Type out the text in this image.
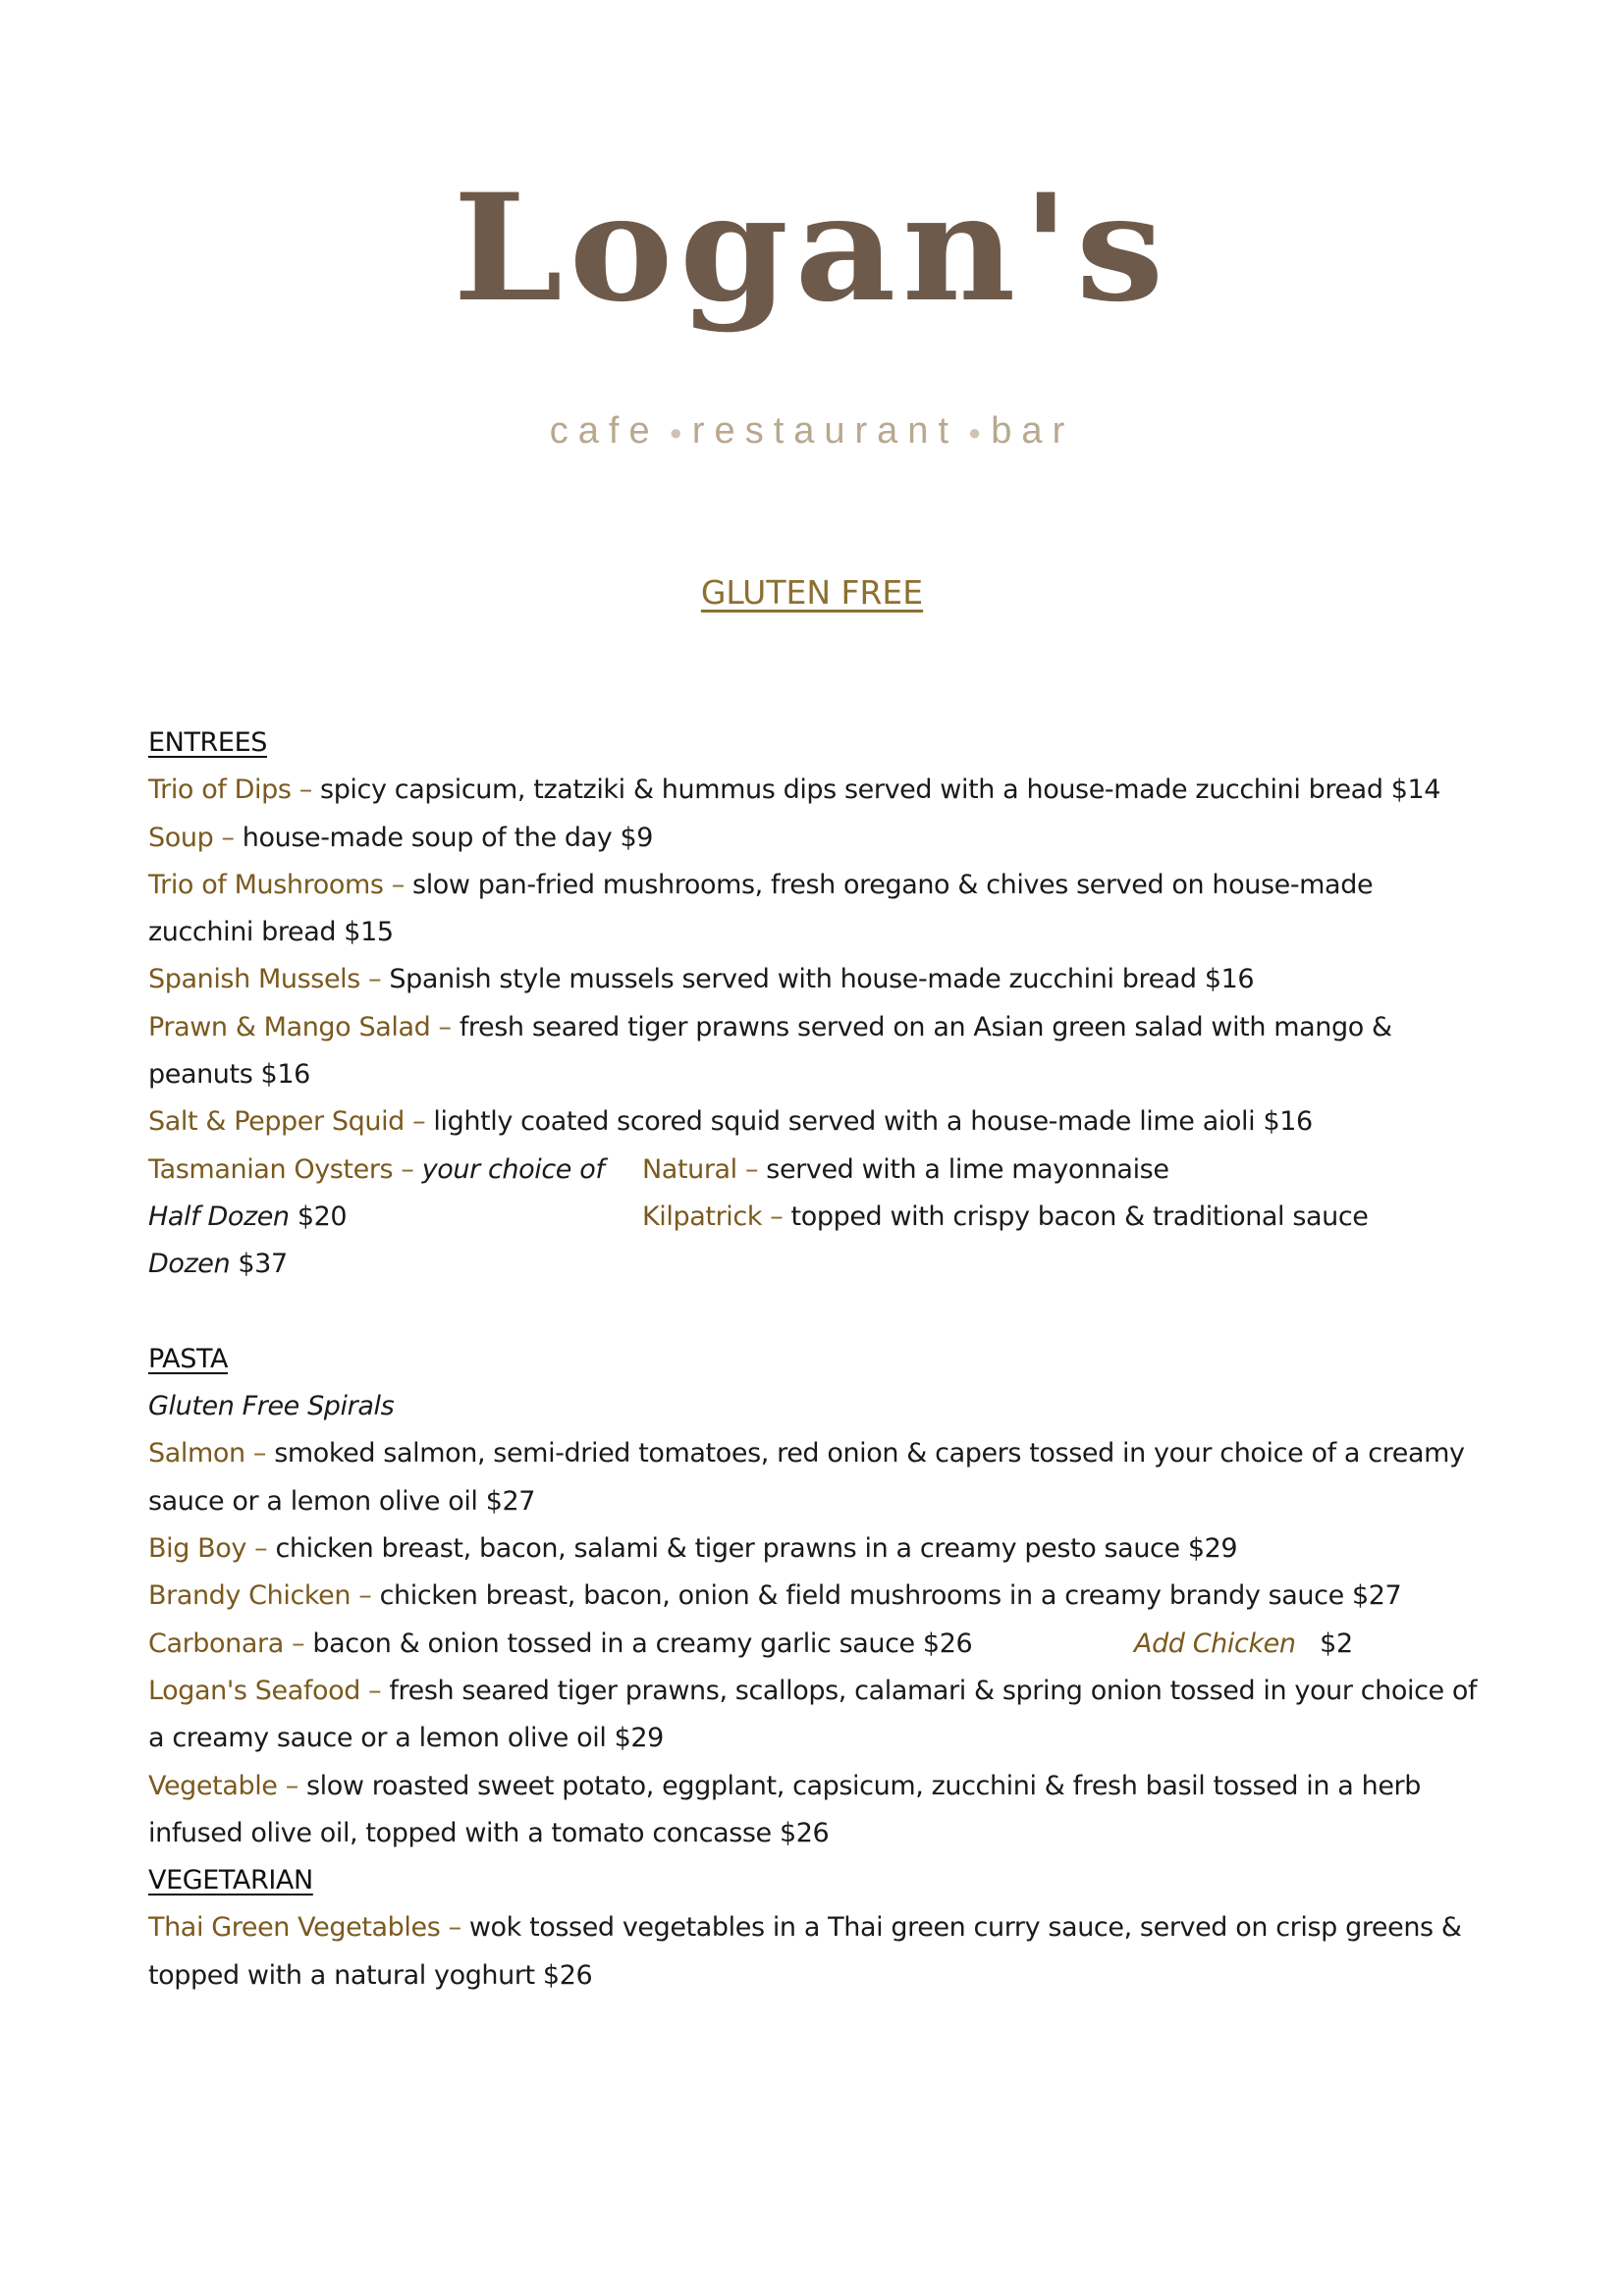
Logan's
cafe ● restaurant ● bar
GLUTEN FREE
ENTREES
Trio of Dips – spicy capsicum, tzatziki & hummus dips served with a house-made zucchini bread $14
Soup – house-made soup of the day $9
Trio of Mushrooms – slow pan-fried mushrooms, fresh oregano & chives served on house-made
zucchini bread $15
Spanish Mussels – Spanish style mussels served with house-made zucchini bread $16
Prawn & Mango Salad – fresh seared tiger prawns served on an Asian green salad with mango &
peanuts $16
Salt & Pepper Squid – lightly coated scored squid served with a house-made lime aioli $16
Tasmanian Oysters – your choice of Natural – served with a lime mayonnaise
Half Dozen $20	Kilpatrick – topped with crispy bacon & traditional sauce
Dozen $37
PASTA
Gluten Free Spirals
Salmon – smoked salmon, semi-dried tomatoes, red onion & capers tossed in your choice of a creamy
sauce or a lemon olive oil $27
Big Boy – chicken breast, bacon, salami & tiger prawns in a creamy pesto sauce $29
Brandy Chicken – chicken breast, bacon, onion & field mushrooms in a creamy brandy sauce $27
Carbonara – bacon & onion tossed in a creamy garlic sauce $26	Add Chicken $2
Logan's Seafood – fresh seared tiger prawns, scallops, calamari & spring onion tossed in your choice of
a creamy sauce or a lemon olive oil $29
Vegetable – slow roasted sweet potato, eggplant, capsicum, zucchini & fresh basil tossed in a herb
infused olive oil, topped with a tomato concasse $26
VEGETARIAN
Thai Green Vegetables – wok tossed vegetables in a Thai green curry sauce, served on crisp greens &
topped with a natural yoghurt $26
